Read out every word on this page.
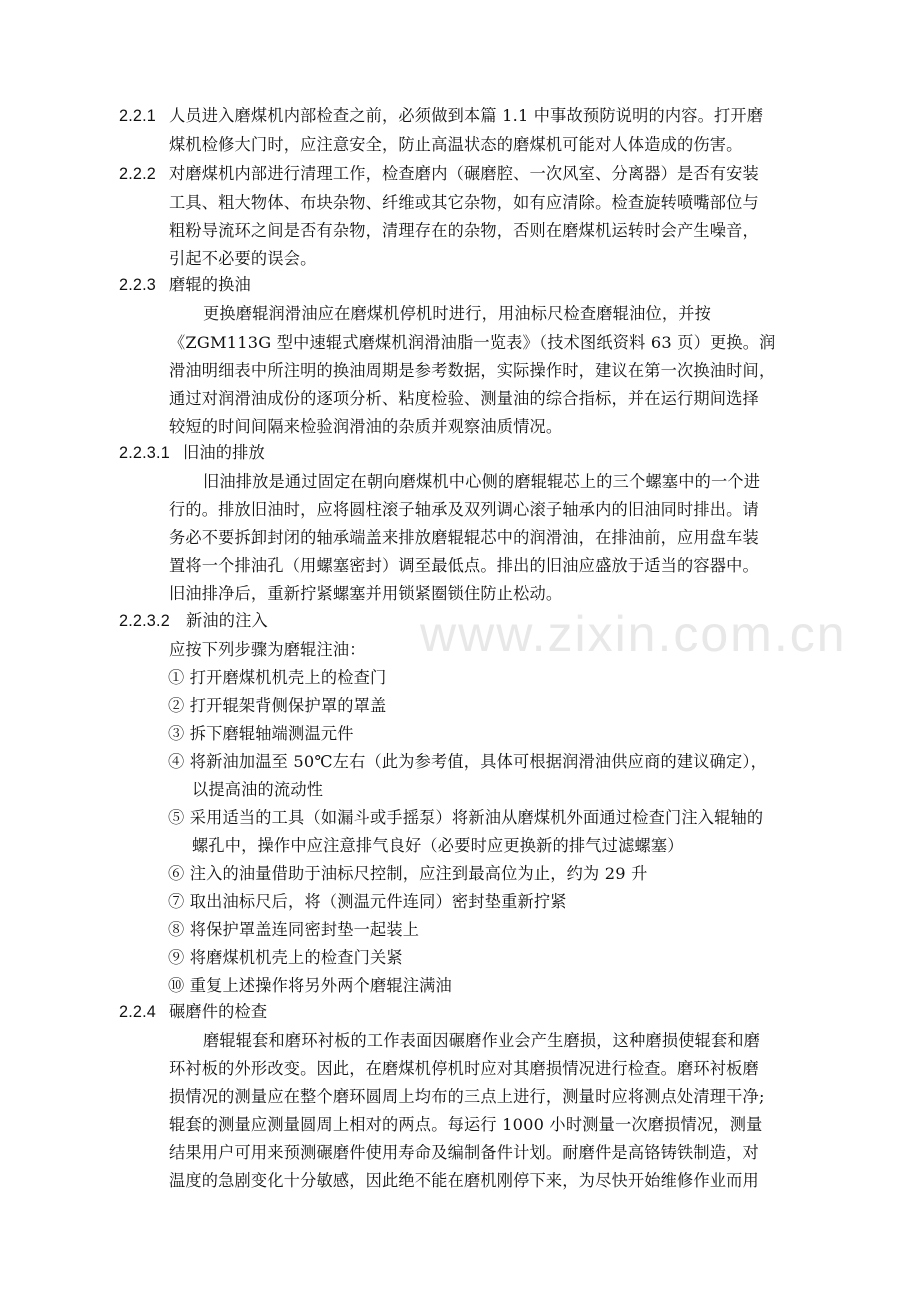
www.zixin.com.cn
2.2.1 人员进入磨煤机内部检查之前，必须做到本篇 1.1 中事故预防说明的内容。打开磨
煤机检修大门时，应注意安全，防止高温状态的磨煤机可能对人体造成的伤害。
2.2.2 对磨煤机内部进行清理工作，检查磨内（碾磨腔、一次风室、分离器）是否有安装
工具、粗大物体、布块杂物、纤维或其它杂物，如有应清除。检查旋转喷嘴部位与
粗粉导流环之间是否有杂物，清理存在的杂物，否则在磨煤机运转时会产生噪音，
引起不必要的误会。
2.2.3 磨辊的换油
更换磨辊润滑油应在磨煤机停机时进行，用油标尺检查磨辊油位，并按
《ZGM113G 型中速辊式磨煤机润滑油脂一览表》（技术图纸资料 63 页）更换。润
滑油明细表中所注明的换油周期是参考数据，实际操作时，建议在第一次换油时间，
通过对润滑油成份的逐项分析、粘度检验、测量油的综合指标，并在运行期间选择
较短的时间间隔来检验润滑油的杂质并观察油质情况。
2.2.3.1 旧油的排放
旧油排放是通过固定在朝向磨煤机中心侧的磨辊辊芯上的三个螺塞中的一个进
行的。排放旧油时，应将圆柱滚子轴承及双列调心滚子轴承内的旧油同时排出。请
务必不要拆卸封闭的轴承端盖来排放磨辊辊芯中的润滑油，在排油前，应用盘车装
置将一个排油孔（用螺塞密封）调至最低点。排出的旧油应盛放于适当的容器中。
旧油排净后，重新拧紧螺塞并用锁紧圈锁住防止松动。
2.2.3.2 新油的注入
应按下列步骤为磨辊注油：
① 打开磨煤机机壳上的检查门
② 打开辊架背侧保护罩的罩盖
③ 拆下磨辊轴端测温元件
④ 将新油加温至 50℃左右（此为参考值，具体可根据润滑油供应商的建议确定），
以提高油的流动性
⑤ 采用适当的工具（如漏斗或手摇泵）将新油从磨煤机外面通过检查门注入辊轴的
螺孔中，操作中应注意排气良好（必要时应更换新的排气过滤螺塞）
⑥ 注入的油量借助于油标尺控制，应注到最高位为止，约为 29 升
⑦ 取出油标尺后，将（测温元件连同）密封垫重新拧紧
⑧ 将保护罩盖连同密封垫一起装上
⑨ 将磨煤机机壳上的检查门关紧
⑩ 重复上述操作将另外两个磨辊注满油
2.2.4 碾磨件的检查
磨辊辊套和磨环衬板的工作表面因碾磨作业会产生磨损，这种磨损使辊套和磨
环衬板的外形改变。因此，在磨煤机停机时应对其磨损情况进行检查。磨环衬板磨
损情况的测量应在整个磨环圆周上均布的三点上进行，测量时应将测点处清理干净;
辊套的测量应测量圆周上相对的两点。每运行 1000 小时测量一次磨损情况，测量
结果用户可用来预测碾磨件使用寿命及编制备件计划。耐磨件是高铬铸铁制造，对
温度的急剧变化十分敏感，因此绝不能在磨机刚停下来，为尽快开始维修作业而用
